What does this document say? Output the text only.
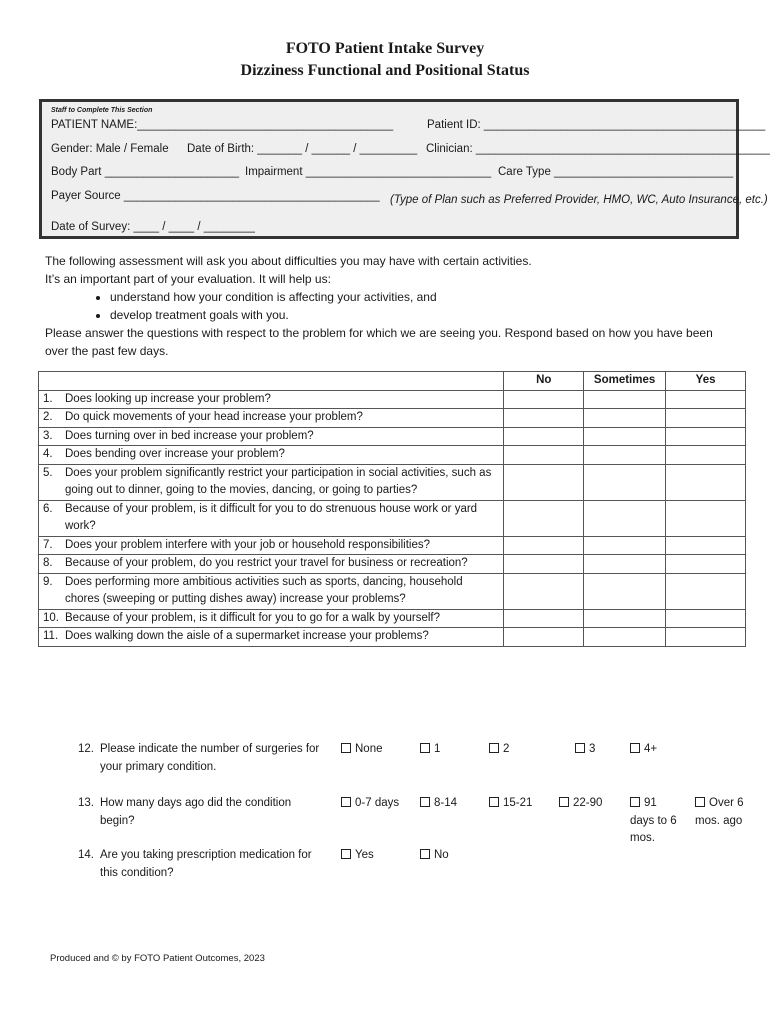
FOTO Patient Intake Survey
Dizziness Functional and Positional Status
Staff to Complete This Section
PATIENT NAME:________________________________________	Patient ID: ____________________________________________
Gender: Male / Female Date of Birth: _______ / ______ / _________ Clinician: ______________________________________________
Body Part _____________________ Impairment _____________________________ Care Type ____________________________
Payer Source ________________________________________ (Type of Plan such as Preferred Provider, HMO, WC, Auto Insurance, etc.)
Date of Survey: ____ / ____ / ________

The following assessment will ask you about difficulties you may have with certain activities.

It’s an important part of your evaluation. It will help us:

• understand how your condition is affecting your activities, and
• develop treatment goals with you.

Please answer the questions with respect to the problem for which we are seeing you. Respond based on how you have been over the past few days.

	No	Sometimes	Yes
1. Does looking up increase your problem?			
2. Do quick movements of your head increase your problem?			
3. Does turning over in bed increase your problem?			
4. Does bending over increase your problem?			
5. Does your problem significantly restrict your participation in social activities, such as going out to dinner, going to the movies, dancing, or going to parties?			
6. Because of your problem, is it difficult for you to do strenuous house work or yard work?			
7. Does your problem interfere with your job or household responsibilities?			
8. Because of your problem, do you restrict your travel for business or recreation?			
9. Does performing more ambitious activities such as sports, dancing, household chores (sweeping or putting dishes away) increase your problems?			
10. Because of your problem, is it difficult for you to go for a walk by yourself?			
11. Does walking down the aisle of a supermarket increase your problems?			
12. Please indicate the number of surgeries for your primary condition.
None	1	2	3	4+
13. How many days ago did the condition begin?
0-7 days	8-14	15-21	22-90	91 days to 6 mos.
Over 6 mos. ago
14. Are you taking prescription medication for this condition?
Yes	No
Produced and © by FOTO Patient Outcomes, 2023
